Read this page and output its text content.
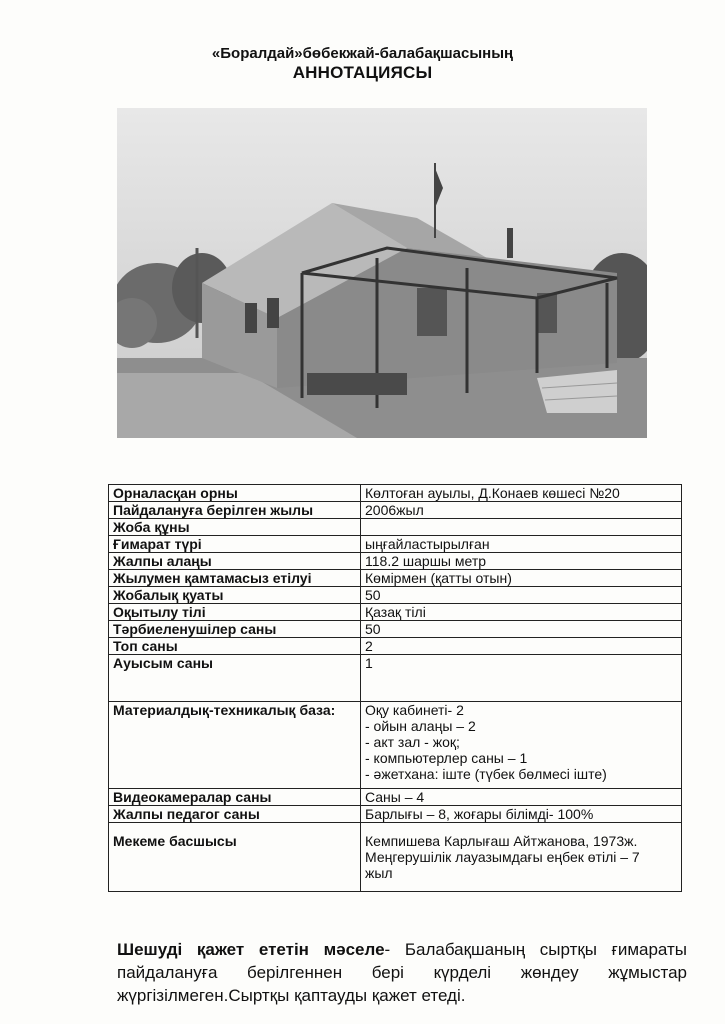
«Боралдай»бөбекжай-балабақшасының
АННОТАЦИЯСЫ
Орналасқан орны	Көлтоған ауылы, Д.Конаев көшесі №20

Пайдалануға берілген жылы	2006жыл

Жоба құны	

Ғимарат түрі	ыңғайластырылған

Жалпы алаңы	118.2 шаршы метр

Жылумен қамтамасыз етілуі	Көмірмен (қатты отын)

Жобалық қуаты	50

Оқытылу тілі	Қазақ тілі

Тәрбиеленушілер саны	50

Топ саны	2

Ауысым саны	1

Материалдық-техникалық база:	Оқу кабинеті- 2
- ойын алаңы – 2
- акт зал - жоқ;
- компьютерлер саны – 1
- әжетхана: іште (түбек бөлмесі іште)

Видеокамералар саны	Саны – 4

Жалпы педагог саны	Барлығы – 8, жоғары білімді- 100%

Мекеме басшысы	Кемпишева Карлығаш Айтжанова, 1973ж.
Меңгерушілік лауазымдағы еңбек өтілі – 7
жыл
Шешуді қажет ететін мәселе- Балабақшаның сыртқы ғимараты пайдалануға берілгеннен бері күрделі жөндеу жұмыстар жүргізілмеген.Сыртқы қаптауды қажет етеді.
